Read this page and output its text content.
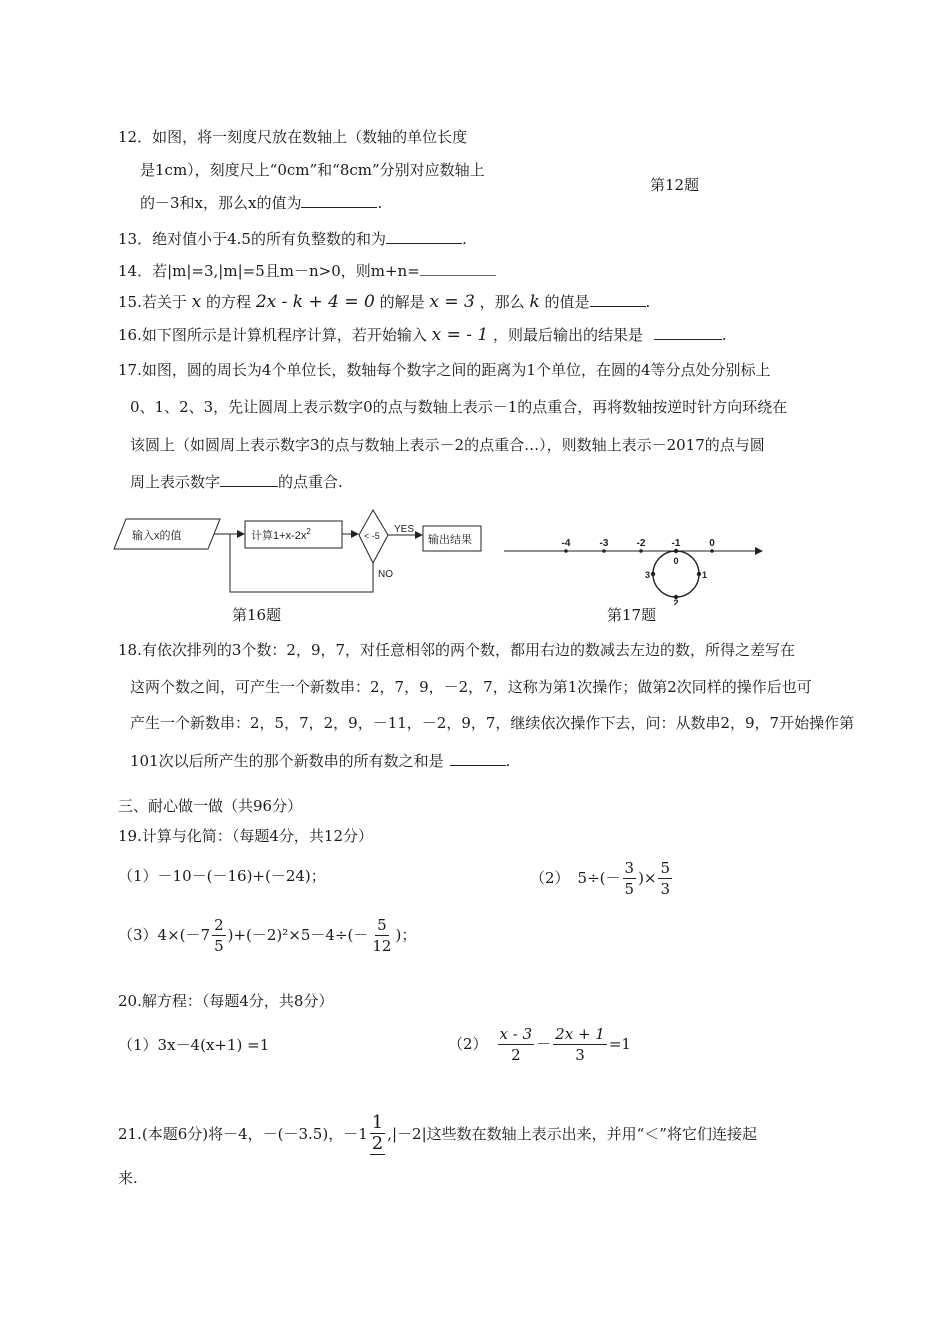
12．如图，将一刻度尺放在数轴上（数轴的单位长度
是1cm），刻度尺上“0cm”和“8cm”分别对应数轴上
的－3和x，那么x的值为	.
第12题
13．绝对值小于4.5的所有负整数的和为	.
14．若|m|=3,|m|=5且m－n>0，则m+n=
15.若关于 x 的方程 2x - k + 4 = 0 的解是 x = 3 ，那么 k 的值是	.
16.如下图所示是计算机程序计算，若开始输入 x = - 1 ，则最后输出的结果是	.
17.如图，圆的周长为4个单位长，数轴每个数字之间的距离为1个单位，在圆的4等分点处分别标上
0、1、2、3，先让圆周上表示数字0的点与数轴上表示－1的点重合，再将数轴按逆时针方向环绕在
该圆上（如圆周上表示数字3的点与数轴上表示－2的点重合…），则数轴上表示－2017的点与圆
周上表示数字	的点重合.
输入x的值	计算$1+x-2x^2$	< -5
YES
输出结果
NO
第16题
-4	-3	-2	-1	0
0
1
2
3
第17题
18.有依次排列的3个数：2，9，7，对任意相邻的两个数，都用右边的数减去左边的数，所得之差写在
这两个数之间，可产生一个新数串：2，7，9，－2，7，这称为第1次操作；做第2次同样的操作后也可
产生一个新数串：2，5，7，2，9，－11，－2，9，7，继续依次操作下去，问：从数串2，9，7开始操作第
101次以后所产生的那个新数串的所有数之和是	.
三、耐心做一做（共96分）
19.计算与化简：（每题4分，共12分）
（1）－10－(－16)+(－24)；	（2） $5\div(- \frac{3}{5}$ )× $\frac{5}{3}$
$(3)4\times(-7 \frac{2}{5} )+(-2)^2\times 5-4\div(- \frac{5}{12}$ )；
20.解方程：（每题4分，共8分）
（1）3x－4(x+1) =1	$(2) \frac{x - 3}{2} - \frac{2x + 1}{3} =1$
21.(本题6分)将－4，－(－3.5)，$-1 \frac{1}{2} ,|-2|$这些数在数轴上表示出来，并用“＜”将它们连接起
来.
